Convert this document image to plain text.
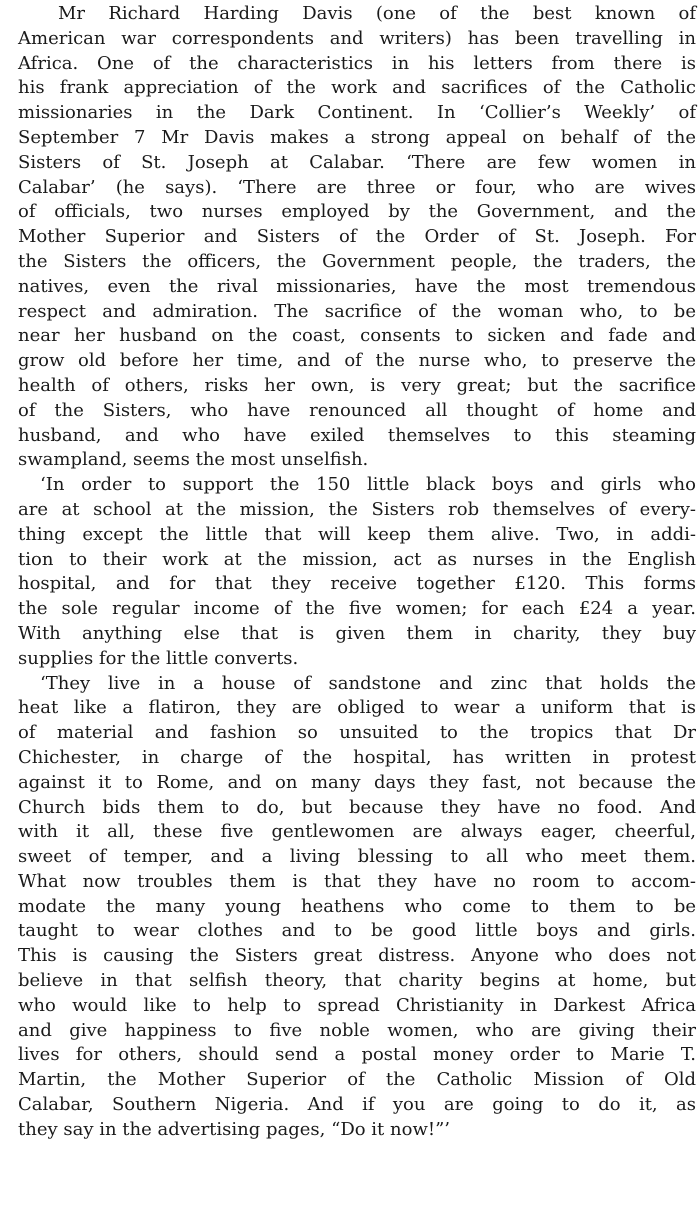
Mr Richard Harding Davis (one of the best known of
American war correspondents and writers) has been travelling in
Africa. One of the characteristics in his letters from there is
his frank appreciation of the work and sacrifices of the Catholic
missionaries in the Dark Continent. In ‘Collier’s Weekly’ of
September 7 Mr Davis makes a strong appeal on behalf of the
Sisters of St. Joseph at Calabar. ‘There are few women in
Calabar’ (he says). ‘There are three or four, who are wives
of officials, two nurses employed by the Government, and the
Mother Superior and Sisters of the Order of St. Joseph. For
the Sisters the officers, the Government people, the traders, the
natives, even the rival missionaries, have the most tremendous
respect and admiration. The sacrifice of the woman who, to be
near her husband on the coast, consents to sicken and fade and
grow old before her time, and of the nurse who, to preserve the
health of others, risks her own, is very great; but the sacrifice
of the Sisters, who have renounced all thought of home and
husband, and who have exiled themselves to this steaming
swampland, seems the most unselfish.
‘In order to support the 150 little black boys and girls who
are at school at the mission, the Sisters rob themselves of every-
thing except the little that will keep them alive. Two, in addi-
tion to their work at the mission, act as nurses in the English
hospital, and for that they receive together £120. This forms
the sole regular income of the five women; for each £24 a year.
With anything else that is given them in charity, they buy
supplies for the little converts.
‘They live in a house of sandstone and zinc that holds the
heat like a flatiron, they are obliged to wear a uniform that is
of material and fashion so unsuited to the tropics that Dr
Chichester, in charge of the hospital, has written in protest
against it to Rome, and on many days they fast, not because the
Church bids them to do, but because they have no food. And
with it all, these five gentlewomen are always eager, cheerful,
sweet of temper, and a living blessing to all who meet them.
What now troubles them is that they have no room to accom-
modate the many young heathens who come to them to be
taught to wear clothes and to be good little boys and girls.
This is causing the Sisters great distress. Anyone who does not
believe in that selfish theory, that charity begins at home, but
who would like to help to spread Christianity in Darkest Africa
and give happiness to five noble women, who are giving their
lives for others, should send a postal money order to Marie T.
Martin, the Mother Superior of the Catholic Mission of Old
Calabar, Southern Nigeria. And if you are going to do it, as
they say in the advertising pages, “Do it now!”’
